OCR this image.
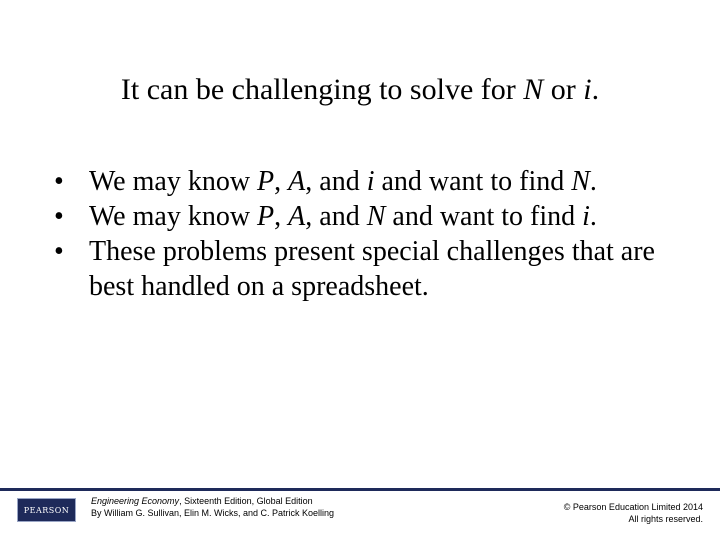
It can be challenging to solve for N or i.
• We may know P, A, and i and want to find N.
• We may know P, A, and N and want to find i.
• These problems present special challenges that are best handled on a spreadsheet.
PEARSON
Engineering Economy, Sixteenth Edition, Global Edition
By William G. Sullivan, Elin M. Wicks, and C. Patrick Koelling
© Pearson Education Limited 2014
All rights reserved.
